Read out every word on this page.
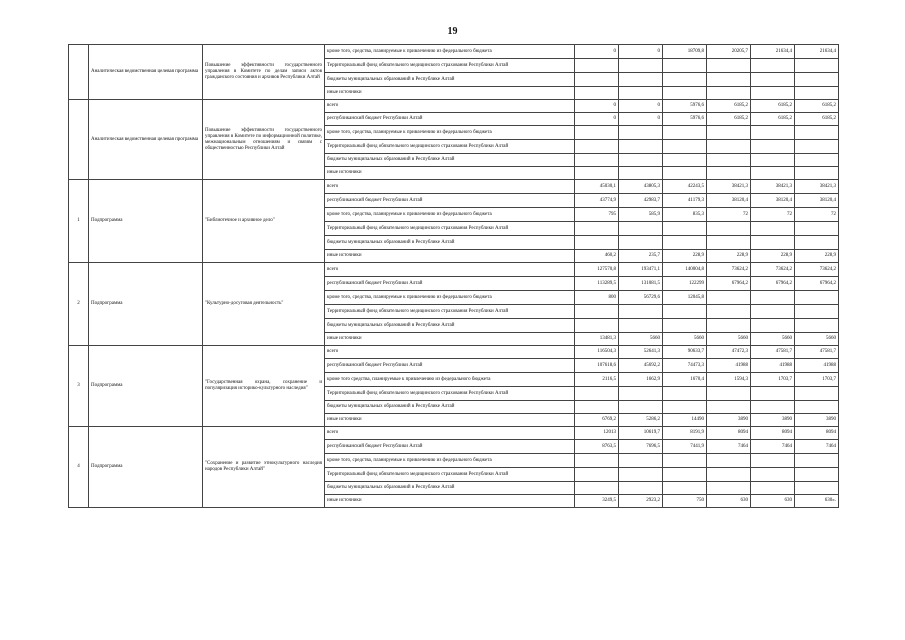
19
	Аналитическая ведомственная целевая программа	Повышение эффективности государственного управления в Комитете по делам записи актов гражданского состояния и архивов Республики Алтай	кроме того, средства, планируемые к привлечению из федерального бюджета	0	0	18709,8	20205,7	21634,4	21634,4
			Территориальный фонд обязательного медицинского страхования Республики Алтай						
			бюджеты муниципальных образований в Республике Алтай						
			иные источники						
	Аналитическая ведомственная целевая программа	Повышение эффективности государственного управления в Комитете по информационной политике, межнациональным отношениям и связям с общественностью Республики Алтай	всего	0	0	5976,6	6185,2	6185,2	6185,2
			республиканский бюджет Республики Алтай	0	0	5976,6	6185,2	6185,2	6185,2
			кроме того, средства, планируемые к привлечению из федерального бюджета						
			Территориальный фонд обязательного медицинского страхования Республики Алтай						
			бюджеты муниципальных образований в Республике Алтай						
			иные источники						
1	Подпрограмма	"Библиотечное и архивное дело"	всего	45030,1	43805,3	42243,5	38421,3	38421,3	38421,3
			республиканский бюджет Республики Алтай	43774,9	42983,7	41179,3	38120,4	38120,4	38120,4
			кроме того, средства, планируемые к привлечению из федерального бюджета	795	585,9	835,3	72	72	72
			Территориальный фонд обязательного медицинского страхования Республики Алтай						
			бюджеты муниципальных образований в Республике Алтай						
			иные источники	460,2	235,7	228,9	228,9	228,9	228,9
2	Подпрограмма	"Культурно-досуговая деятельность"	всего	127570,8	193471,1	140004,8	73624,2	73624,2	73624,2
			республиканский бюджет Республики Алтай	113289,5	131081,5	122299	67964,2	67964,2	67964,2
			кроме того, средства, планируемые к привлечению из федерального бюджета	800	56729,6	12045,8			
			Территориальный фонд обязательного медицинского страхования Республики Алтай						
			бюджеты муниципальных образований в Республике Алтай						
			иные источники	13481,3	5660	5660	5660	5660	5660
3	Подпрограмма	"Государственная охрана, сохранение и популяризация историко-культурного наследия"	всего	116504,3	52641,3	90633,7	47472,3	47581,7	47581,7
			республиканский бюджет Республики Алтай	107618,6	45692,2	74473,3	41988	41988	41988
			кроме того средства, планируемые к привлечению из федерального бюджета	2116,5	1662,9	1670,4	1594,3	1703,7	1703,7
			Территориальный фонд обязательного медицинского страхования Республики Алтай						
			бюджеты муниципальных образований в Республике Алтай						
			иные источники	6769,2	5286,2	14490	3890	3890	3890
4	Подпрограмма	"Сохранение и развитие этнокультурного наследия народов Республики Алтай"	всего	12013	10619,7	8191,9	8094	8094	8094
			республиканский бюджет Республики Алтай	8763,5	7696,5	7441,9	7464	7464	7464
			кроме того, средства, планируемые к привлечению из федерального бюджета						
			Территориальный фонд обязательного медицинского страхования Республики Алтай						
			бюджеты муниципальных образований в Республике Алтай						
			иные источники	3249,5	2923,2	750	630	630	630».
